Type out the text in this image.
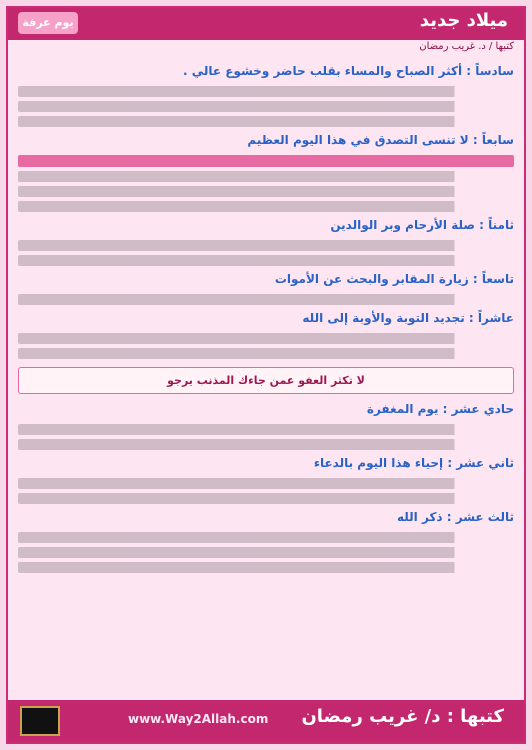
يوم عرفة	ميلاد جديد
كتبها / د. غريب رمضان
سادساً : أكثر الصباح والمساء بقلب حاضر وخشوع عالي .
سابعاً : لا تنسى التصدق في هذا اليوم العظيم
ثامناً : صلة الأرحام وبر الوالدين
تاسعاً : زيارة المقابر والبحث عن الأموات
عاشراً : تجديد التوبة والأوبة إلى الله
لا تكثر العفو عمن جاءك المذنب يرجو
حادي عشر : يوم المغفرة
ثاني عشر : إحياء هذا اليوم بالدعاء
ثالث عشر : ذكر الله
www.Way2Allah.com كتبها : د/ غريب رمضان
